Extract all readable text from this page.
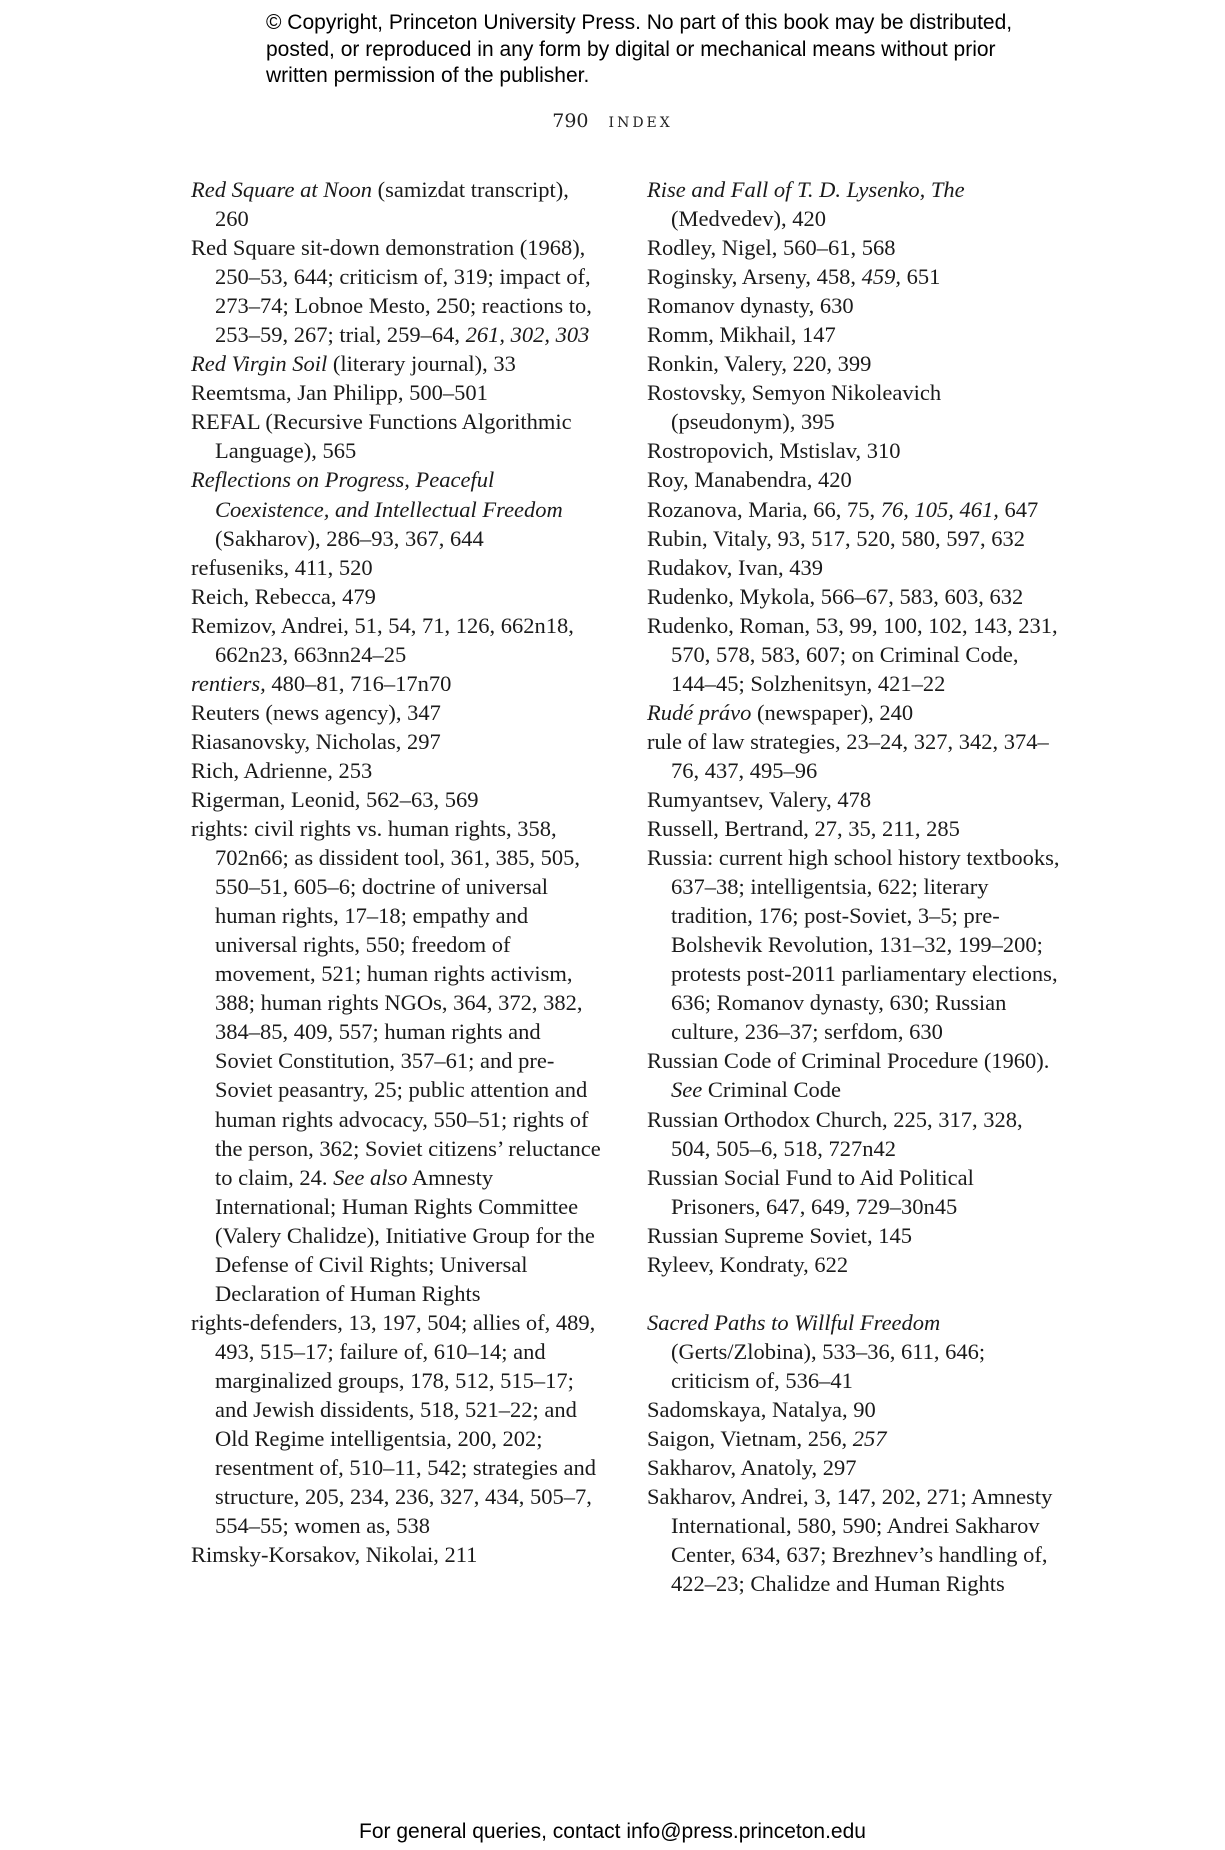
© Copyright, Princeton University Press. No part of this book may be distributed, posted, or reproduced in any form by digital or mechanical means without prior written permission of the publisher.
790 index

Red Square at Noon (samizdat transcript), 260

Red Square sit-down demonstration (1968), 250–53, 644; criticism of, 319; impact of, 273–74; Lobnoe Mesto, 250; reactions to, 253–59, 267; trial, 259–64, 261, 302, 303

Red Virgin Soil (literary journal), 33

Reemtsma, Jan Philipp, 500–501

REFAL (Recursive Functions Algorithmic Language), 565

Reflections on Progress, Peaceful Coexistence, and Intellectual Freedom (Sakharov), 286–93, 367, 644

refuseniks, 411, 520

Reich, Rebecca, 479

Remizov, Andrei, 51, 54, 71, 126, 662n18, 662n23, 663nn24–25

rentiers, 480–81, 716–17n70

Reuters (news agency), 347

Riasanovsky, Nicholas, 297

Rich, Adrienne, 253

Rigerman, Leonid, 562–63, 569

rights: civil rights vs. human rights, 358, 702n66; as dissident tool, 361, 385, 505, 550–51, 605–6; doctrine of universal human rights, 17–18; empathy and universal rights, 550; freedom of movement, 521; human rights activism, 388; human rights NGOs, 364, 372, 382, 384–85, 409, 557; human rights and Soviet Constitution, 357–61; and pre-Soviet peasantry, 25; public attention and human rights advocacy, 550–51; rights of the person, 362; Soviet citizens’ reluctance to claim, 24. See also Amnesty International; Human Rights Committee (Valery Chalidze), Initiative Group for the Defense of Civil Rights; Universal Declaration of Human Rights

rights-defenders, 13, 197, 504; allies of, 489, 493, 515–17; failure of, 610–14; and marginalized groups, 178, 512, 515–17; and Jewish dissidents, 518, 521–22; and Old Regime intelligentsia, 200, 202; resentment of, 510–11, 542; strategies and structure, 205, 234, 236, 327, 434, 505–7, 554–55; women as, 538

Rimsky-Korsakov, Nikolai, 211

Rise and Fall of T. D. Lysenko, The (Medvedev), 420

Rodley, Nigel, 560–61, 568

Roginsky, Arseny, 458, 459, 651

Romanov dynasty, 630

Romm, Mikhail, 147

Ronkin, Valery, 220, 399

Rostovsky, Semyon Nikoleavich (pseudonym), 395

Rostropovich, Mstislav, 310

Roy, Manabendra, 420

Rozanova, Maria, 66, 75, 76, 105, 461, 647

Rubin, Vitaly, 93, 517, 520, 580, 597, 632

Rudakov, Ivan, 439

Rudenko, Mykola, 566–67, 583, 603, 632

Rudenko, Roman, 53, 99, 100, 102, 143, 231, 570, 578, 583, 607; on Criminal Code, 144–45; Solzhenitsyn, 421–22

Rudé právo (newspaper), 240

rule of law strategies, 23–24, 327, 342, 374–76, 437, 495–96

Rumyantsev, Valery, 478

Russell, Bertrand, 27, 35, 211, 285

Russia: current high school history textbooks, 637–38; intelligentsia, 622; literary tradition, 176; post-Soviet, 3–5; pre-Bolshevik Revolution, 131–32, 199–200; protests post-2011 parliamentary elections, 636; Romanov dynasty, 630; Russian culture, 236–37; serfdom, 630

Russian Code of Criminal Procedure (1960). See Criminal Code

Russian Orthodox Church, 225, 317, 328, 504, 505–6, 518, 727n42

Russian Social Fund to Aid Political Prisoners, 647, 649, 729–30n45

Russian Supreme Soviet, 145

Ryleev, Kondraty, 622

Sacred Paths to Willful Freedom (Gerts/Zlobina), 533–36, 611, 646; criticism of, 536–41

Sadomskaya, Natalya, 90

Saigon, Vietnam, 256, 257

Sakharov, Anatoly, 297

Sakharov, Andrei, 3, 147, 202, 271; Amnesty International, 580, 590; Andrei Sakharov Center, 634, 637; Brezhnev’s handling of, 422–23; Chalidze and Human Rights

For general queries, contact info@press.princeton.edu
